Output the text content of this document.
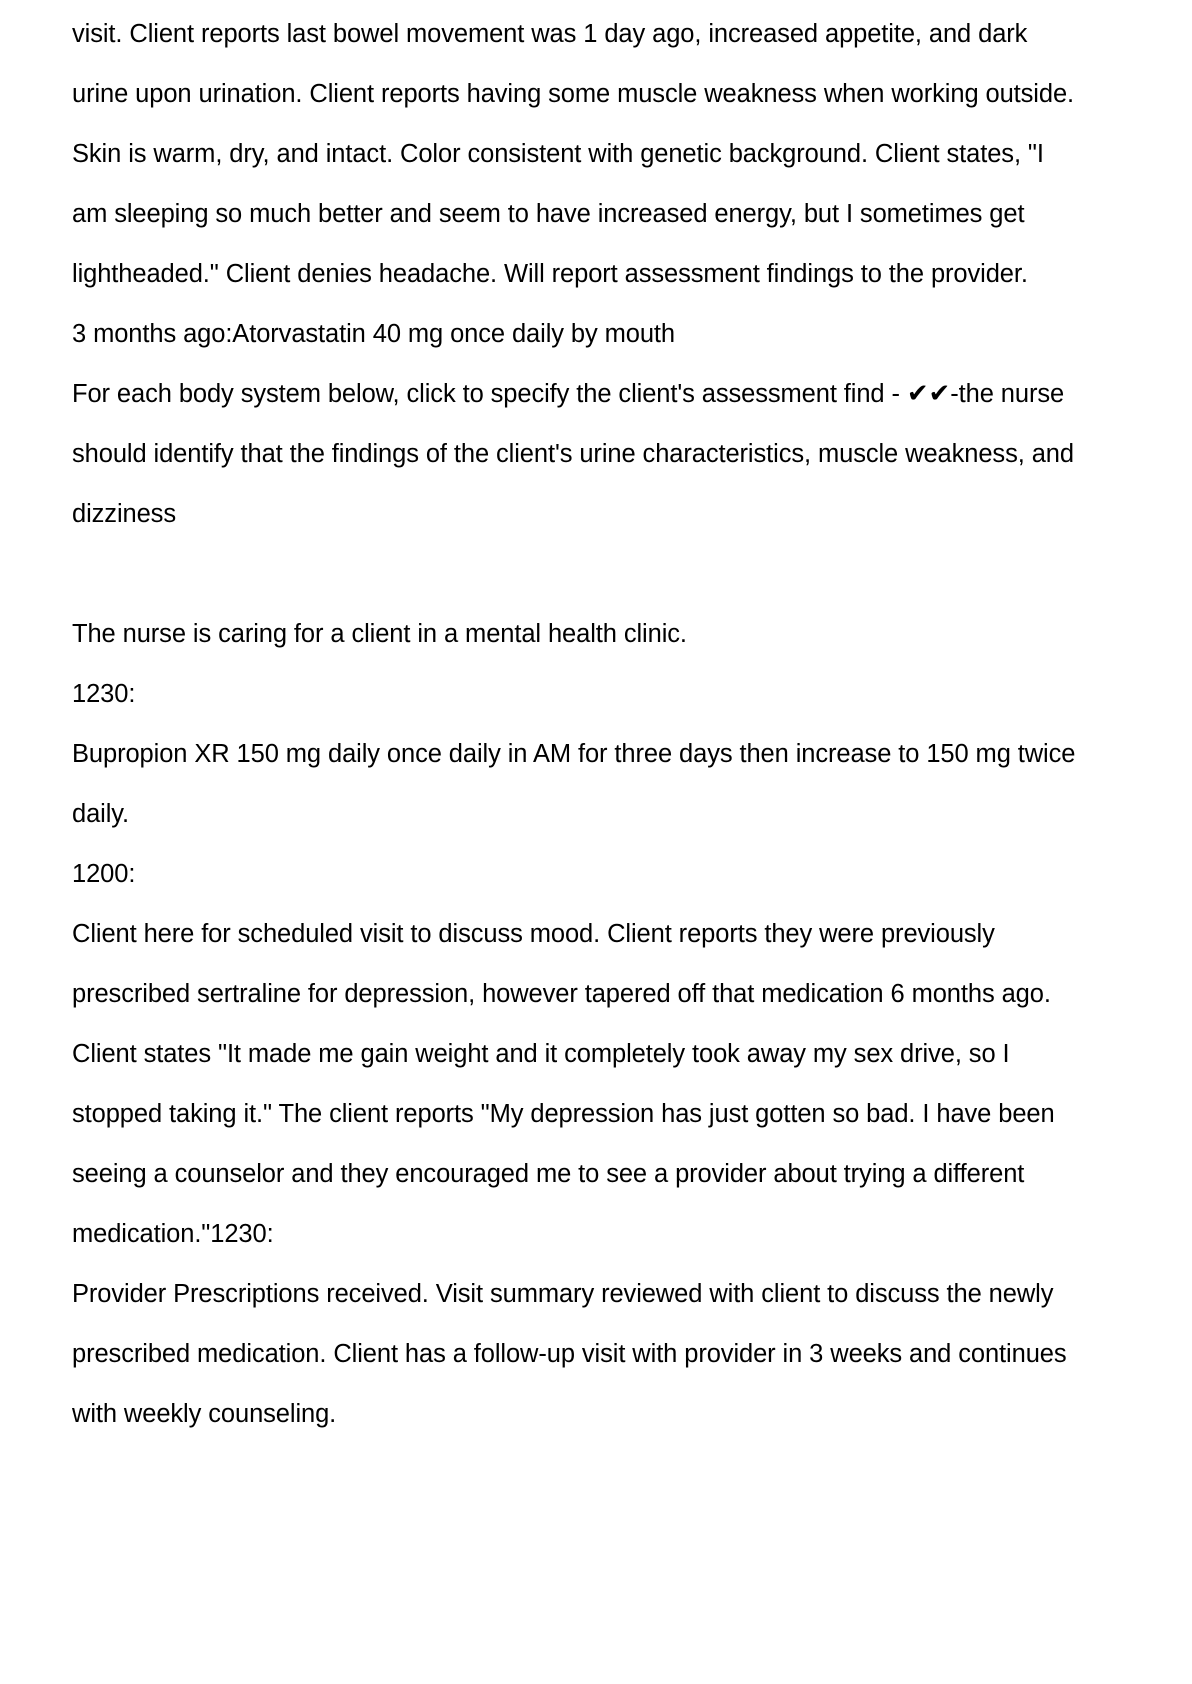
visit. Client reports last bowel movement was 1 day ago, increased appetite, and dark
urine upon urination. Client reports having some muscle weakness when working outside.
Skin is warm, dry, and intact. Color consistent with genetic background. Client states, "I
am sleeping so much better and seem to have increased energy, but I sometimes get
lightheaded." Client denies headache. Will report assessment findings to the provider.
3 months ago:Atorvastatin 40 mg once daily by mouth
For each body system below, click to specify the client's assessment find - ✔✔-the nurse
should identify that the findings of the client's urine characteristics, muscle weakness, and
dizziness
The nurse is caring for a client in a mental health clinic.
1230:
Bupropion XR 150 mg daily once daily in AM for three days then increase to 150 mg twice
daily.
1200:
Client here for scheduled visit to discuss mood. Client reports they were previously
prescribed sertraline for depression, however tapered off that medication 6 months ago.
Client states "It made me gain weight and it completely took away my sex drive, so I
stopped taking it." The client reports "My depression has just gotten so bad. I have been
seeing a counselor and they encouraged me to see a provider about trying a different
medication."1230:
Provider Prescriptions received. Visit summary reviewed with client to discuss the newly
prescribed medication. Client has a follow-up visit with provider in 3 weeks and continues
with weekly counseling.
